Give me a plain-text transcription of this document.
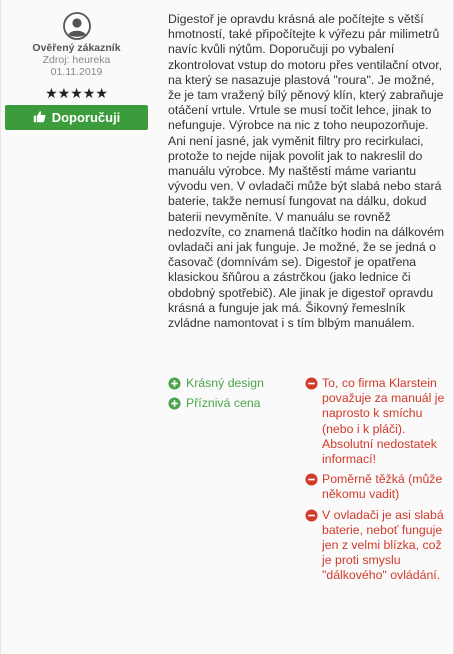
Ověřený zákazník
Zdroj: heureka
01.11.2019
★★★★★
Doporučuji

Digestoř je opravdu krásná ale počítejte s větší hmotností, také připočítejte k výřezu pár milimetrů navíc kvůli nýtům. Doporučuji po vybalení zkontrolovat vstup do motoru přes ventilační otvor, na který se nasazuje plastová "roura". Je možné, že je tam vražený bílý pěnový klín, který zabraňuje otáčení vrtule. Vrtule se musí točit lehce, jinak to nefunguje. Výrobce na nic z toho neupozorňuje. Ani není jasné, jak vyměnit filtry pro recirkulaci, protože to nejde nijak povolit jak to nakreslil do manuálu výrobce. My naštěstí máme variantu vývodu ven. V ovladači může být slabá nebo stará baterie, takže nemusí fungovat na dálku, dokud baterii nevyměníte. V manuálu se rovněž nedozvíte, co znamená tlačítko hodin na dálkovém ovladači ani jak funguje. Je možné, že se jedná o časovač (domnívám se). Digestoř je opatřena klasickou šňůrou a zástrčkou (jako lednice či obdobný spotřebič). Ale jinak je digestoř opravdu krásná a funguje jak má. Šikovný řemeslník zvládne namontovat i s tím blbým manuálem.

Krásný design
Příznivá cena
To, co firma Klarstein považuje za manuál je naprosto k smíchu (nebo i k pláči). Absolutní nedostatek informací!
Poměrně těžká (může někomu vadit)
V ovladači je asi slabá baterie, neboť funguje jen z velmi blízka, což je proti smyslu "dálkového" ovládání.
